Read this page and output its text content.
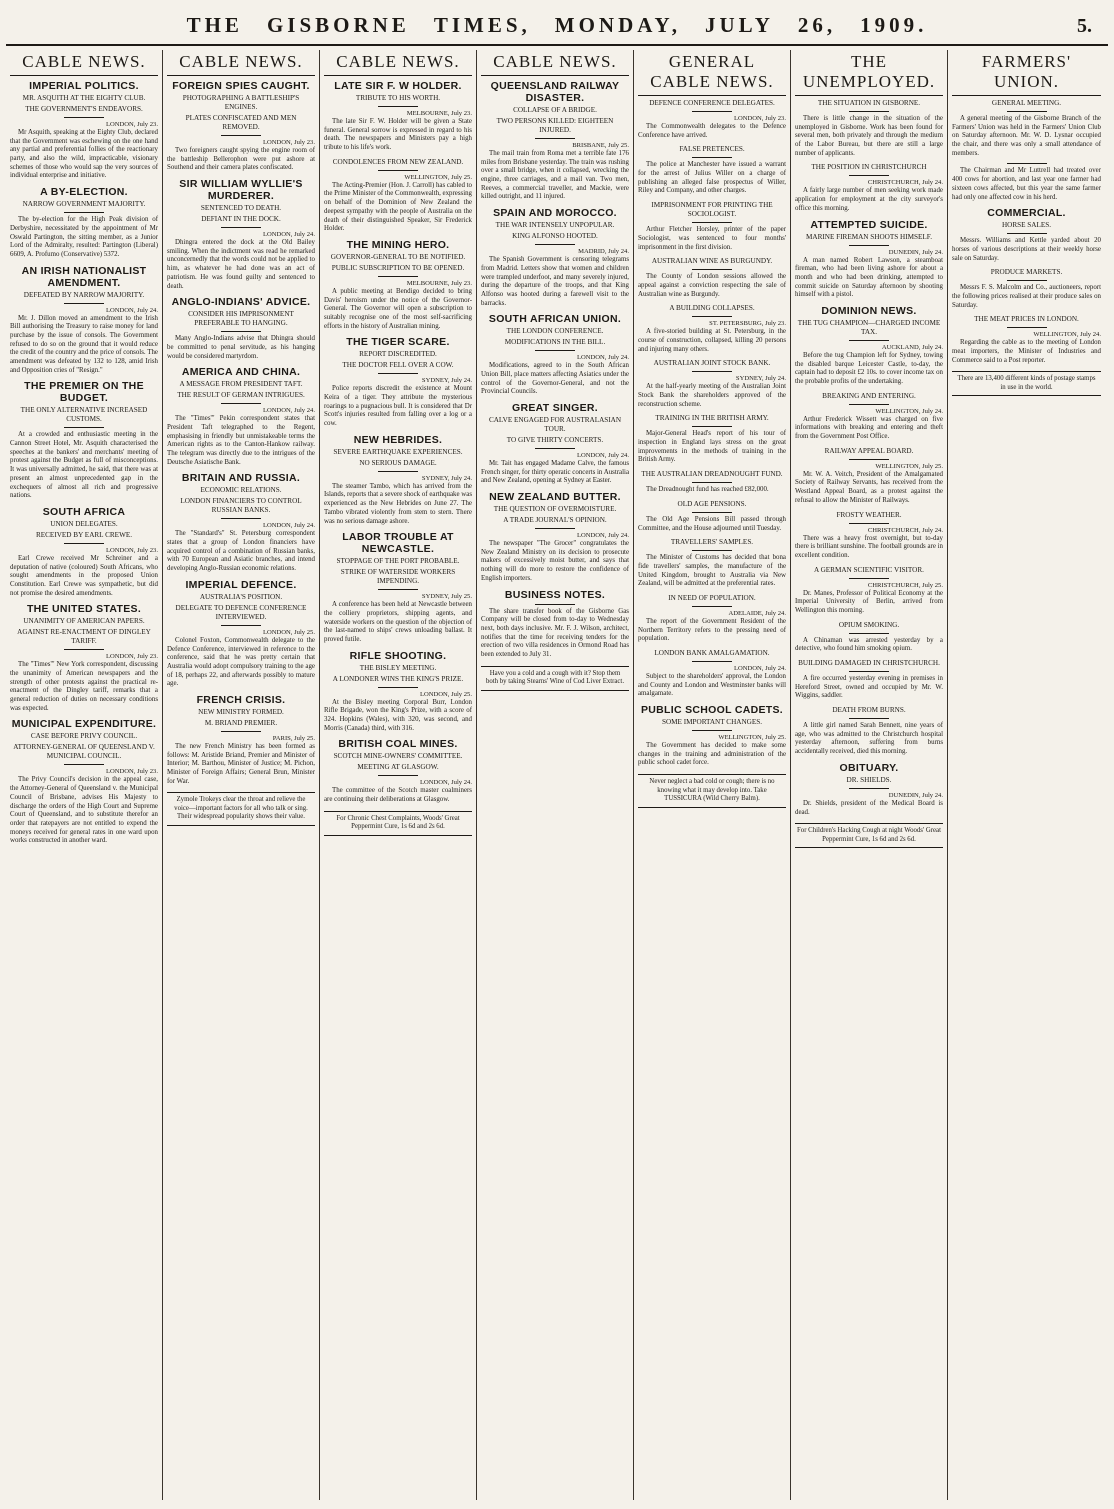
THE GISBORNE TIMES, MONDAY, JULY 26, 1909.	5.
CABLE NEWS.
IMPERIAL POLITICS.
MR. ASQUITH AT THE EIGHTY CLUB.
THE GOVERNMENT'S ENDEAVORS.
LONDON, July 23.

Mr Asquith, speaking at the Eighty Club, declared that the Government was eschewing on the one hand any partial and preferential follies of the reactionary party, and also the wild, impracticable, visionary schemes of those who would sap the very sources of individual enterprise and initiative.

A BY-ELECTION.
NARROW GOVERNMENT MAJORITY.

The by-election for the High Peak division of Derbyshire, necessitated by the appointment of Mr Oswald Partington, the sitting member, as a Junior Lord of the Admiralty, resulted: Partington (Liberal) 6609, A. Profumo (Conservative) 5372.

AN IRISH NATIONALIST AMENDMENT.
DEFEATED BY NARROW MAJORITY.
LONDON, July 24.

Mr. J. Dillon moved an amendment to the Irish Bill authorising the Treasury to raise money for land purchase by the issue of consols. The Government refused to do so on the ground that it would reduce the credit of the country and the price of consols. The amendment was defeated by 132 to 128, amid Irish and Opposition cries of "Resign."

THE PREMIER ON THE BUDGET.
THE ONLY ALTERNATIVE INCREASED CUSTOMS.

At a crowded and enthusiastic meeting in the Cannon Street Hotel, Mr. Asquith characterised the speeches at the bankers' and merchants' meeting of protest against the Budget as full of misconceptions. It was universally admitted, he said, that there was at present an almost unprecedented gap in the exchequers of almost all rich and progressive nations.

SOUTH AFRICA
UNION DELEGATES.
RECEIVED BY EARL CREWE.
LONDON, July 23.

Earl Crewe received Mr Schreiner and a deputation of native (coloured) South Africans, who sought amendments in the proposed Union Constitution. Earl Crewe was sympathetic, but did not promise the desired amendments.

THE UNITED STATES.
UNANIMITY OF AMERICAN PAPERS.
AGAINST RE-ENACTMENT OF DINGLEY TARIFF.
LONDON, July 23.

The "Times'" New York correspondent, discussing the unanimity of American newspapers and the strength of other protests against the practical re-enactment of the Dingley tariff, remarks that a general reduction of duties on necessary conditions was expected.

MUNICIPAL EXPENDITURE.
CASE BEFORE PRIVY COUNCIL.
ATTORNEY-GENERAL OF QUEENSLAND V. MUNICIPAL COUNCIL.
LONDON, July 23.

The Privy Council's decision in the appeal case, the Attorney-General of Queensland v. the Municipal Council of Brisbane, advises His Majesty to discharge the orders of the High Court and Supreme Court of Queensland, and to substitute therefor an order that ratepayers are not entitled to expend the moneys received for general rates in one ward upon works constructed in another ward.

CABLE NEWS.
FOREIGN SPIES CAUGHT.
PHOTOGRAPHING A BATTLESHIP'S ENGINES.
PLATES CONFISCATED AND MEN REMOVED.
LONDON, July 23.

Two foreigners caught spying the engine room of the battleship Bellerophon were put ashore at Southend and their camera plates confiscated.

SIR WILLIAM WYLLIE'S MURDERER.
SENTENCED TO DEATH.
DEFIANT IN THE DOCK.
LONDON, July 24.

Dhingra entered the dock at the Old Bailey smiling. When the indictment was read he remarked unconcernedly that the words could not be applied to him, as whatever he had done was an act of patriotism. He was found guilty and sentenced to death.

ANGLO-INDIANS' ADVICE.
CONSIDER HIS IMPRISONMENT PREFERABLE TO HANGING.

Many Anglo-Indians advise that Dhingra should be committed to penal servitude, as his hanging would be considered martyrdom.

AMERICA AND CHINA.
A MESSAGE FROM PRESIDENT TAFT.
THE RESULT OF GERMAN INTRIGUES.
LONDON, July 24.

The "Times'" Pekin correspondent states that President Taft telegraphed to the Regent, emphasising in friendly but unmistakeable terms the American rights as to the Canton-Hankow railway. The telegram was directly due to the intrigues of the Deutsche Asiatische Bank.

BRITAIN AND RUSSIA.
ECONOMIC RELATIONS.
LONDON FINANCIERS TO CONTROL RUSSIAN BANKS.
LONDON, July 24.

The "Standard's" St. Petersburg correspondent states that a group of London financiers have acquired control of a combination of Russian banks, with 70 European and Asiatic branches, and intend developing Anglo-Russian economic relations.

IMPERIAL DEFENCE.
AUSTRALIA'S POSITION.
DELEGATE TO DEFENCE CONFERENCE INTERVIEWED.
LONDON, July 25.

Colonel Foxton, Commonwealth delegate to the Defence Conference, interviewed in reference to the conference, said that he was pretty certain that Australia would adopt compulsory training to the age of 18, perhaps 22, and afterwards possibly to mature age.

FRENCH CRISIS.
NEW MINISTRY FORMED.
M. BRIAND PREMIER.
PARIS, July 25.

The new French Ministry has been formed as follows: M. Aristide Briand, Premier and Minister of Interior; M. Barthou, Minister of Justice; M. Pichon, Minister of Foreign Affairs; General Brun, Minister for War.

Zymole Trokeys clear the throat and relieve the voice—important factors for all who talk or sing. Their widespread popularity shows their value.
CABLE NEWS.
LATE SIR F. W HOLDER.
TRIBUTE TO HIS WORTH.
MELBOURNE, July 23.

The late Sir F. W. Holder will be given a State funeral. General sorrow is expressed in regard to his death. The newspapers and Ministers pay a high tribute to his life's work.

CONDOLENCES FROM NEW ZEALAND.
WELLINGTON, July 25.

The Acting-Premier (Hon. J. Carroll) has cabled to the Prime Minister of the Commonwealth, expressing on behalf of the Dominion of New Zealand the deepest sympathy with the people of Australia on the death of their distinguished Speaker, Sir Frederick Holder.

THE MINING HERO.
GOVERNOR-GENERAL TO BE NOTIFIED.
PUBLIC SUBSCRIPTION TO BE OPENED.
MELBOURNE, July 23.

A public meeting at Bendigo decided to bring Davis' heroism under the notice of the Governor-General. The Governor will open a subscription to suitably recognise one of the most self-sacrificing efforts in the history of Australian mining.

THE TIGER SCARE.
REPORT DISCREDITED.
THE DOCTOR FELL OVER A COW.
SYDNEY, July 24.

Police reports discredit the existence at Mount Keira of a tiger. They attribute the mysterious roarings to a pugnacious bull. It is considered that Dr Scott's injuries resulted from falling over a log or a cow.

NEW HEBRIDES.
SEVERE EARTHQUAKE EXPERIENCES.
NO SERIOUS DAMAGE.
SYDNEY, July 24.

The steamer Tambo, which has arrived from the Islands, reports that a severe shock of earthquake was experienced as the New Hebrides on June 27. The Tambo vibrated violently from stem to stern. There was no serious damage ashore.

LABOR TROUBLE AT NEWCASTLE.
STOPPAGE OF THE PORT PROBABLE.
STRIKE OF WATERSIDE WORKERS IMPENDING.
SYDNEY, July 25.

A conference has been held at Newcastle between the colliery proprietors, shipping agents, and waterside workers on the question of the objection of the last-named to ships' crews unloading ballast. It proved futile.

RIFLE SHOOTING.
THE BISLEY MEETING.
A LONDONER WINS THE KING'S PRIZE.
LONDON, July 25.

At the Bisley meeting Corporal Burr, London Rifle Brigade, won the King's Prize, with a score of 324. Hopkins (Wales), with 320, was second, and Morris (Canada) third, with 316.

BRITISH COAL MINES.
SCOTCH MINE-OWNERS' COMMITTEE.
MEETING AT GLASGOW.
LONDON, July 24.

The committee of the Scotch master coalminers are continuing their deliberations at Glasgow.

For Chronic Chest Complaints, Woods' Great Peppermint Cure, 1s 6d and 2s 6d.
CABLE NEWS.
QUEENSLAND RAILWAY DISASTER.
COLLAPSE OF A BRIDGE.
TWO PERSONS KILLED: EIGHTEEN INJURED.
BRISBANE, July 25.

The mail train from Roma met a terrible fate 176 miles from Brisbane yesterday. The train was rushing over a small bridge, when it collapsed, wrecking the engine, three carriages, and a mail van. Two men, Reeves, a commercial traveller, and Mackie, were killed outright, and 11 injured.

SPAIN AND MOROCCO.
THE WAR INTENSELY UNPOPULAR.
KING ALFONSO HOOTED.
MADRID, July 24.

The Spanish Government is censoring telegrams from Madrid. Letters show that women and children were trampled underfoot, and many severely injured, during the departure of the troops, and that King Alfonso was hooted during a farewell visit to the barracks.

SOUTH AFRICAN UNION.
THE LONDON CONFERENCE.
MODIFICATIONS IN THE BILL.
LONDON, July 24.

Modifications, agreed to in the South African Union Bill, place matters affecting Asiatics under the control of the Governor-General, and not the Provincial Councils.

GREAT SINGER.
CALVE ENGAGED FOR AUSTRALASIAN TOUR.
TO GIVE THIRTY CONCERTS.
LONDON, July 24.

Mr. Tait has engaged Madame Calve, the famous French singer, for thirty operatic concerts in Australia and New Zealand, opening at Sydney at Easter.

NEW ZEALAND BUTTER.
THE QUESTION OF OVERMOISTURE.
A TRADE JOURNAL'S OPINION.
LONDON, July 24.

The newspaper "The Grocer" congratulates the New Zealand Ministry on its decision to prosecute makers of excessively moist butter, and says that nothing will do more to restore the confidence of English importers.

BUSINESS NOTES.

The share transfer book of the Gisborne Gas Company will be closed from to-day to Wednesday next, both days inclusive. Mr. F. J. Wilson, architect, notifies that the time for receiving tenders for the erection of two villa residences in Ormond Road has been extended to July 31.

Have you a cold and a cough with it? Stop them both by taking Stearns' Wine of Cod Liver Extract.
GENERAL CABLE NEWS.
DEFENCE CONFERENCE DELEGATES.
LONDON, July 23.

The Commonwealth delegates to the Defence Conference have arrived.

FALSE PRETENCES.

The police at Manchester have issued a warrant for the arrest of Julius Willer on a charge of publishing an alleged false prospectus of Willer, Riley and Company, and other charges.

IMPRISONMENT FOR PRINTING THE SOCIOLOGIST.

Arthur Fletcher Horsley, printer of the paper Sociologist, was sentenced to four months' imprisonment in the first division.

AUSTRALIAN WINE AS BURGUNDY.

The County of London sessions allowed the appeal against a conviction respecting the sale of Australian wine as Burgundy.

A BUILDING COLLAPSES.
ST. PETERSBURG, July 23.

A five-storied building at St. Petersburg, in the course of construction, collapsed, killing 20 persons and injuring many others.

AUSTRALIAN JOINT STOCK BANK.
SYDNEY, July 24.

At the half-yearly meeting of the Australian Joint Stock Bank the shareholders approved of the reconstruction scheme.

TRAINING IN THE BRITISH ARMY.

Major-General Head's report of his tour of inspection in England lays stress on the great improvements in the methods of training in the British Army.

THE AUSTRALIAN DREADNOUGHT FUND.

The Dreadnought fund has reached £82,000.

OLD AGE PENSIONS.

The Old Age Pensions Bill passed through Committee, and the House adjourned until Tuesday.

TRAVELLERS' SAMPLES.

The Minister of Customs has decided that bona fide travellers' samples, the manufacture of the United Kingdom, brought to Australia via New Zealand, will be admitted at the preferential rates.

IN NEED OF POPULATION.
ADELAIDE, July 24.

The report of the Government Resident of the Northern Territory refers to the pressing need of population.

LONDON BANK AMALGAMATION.
LONDON, July 24.

Subject to the shareholders' approval, the London and County and London and Westminster banks will amalgamate.

PUBLIC SCHOOL CADETS.
SOME IMPORTANT CHANGES.
WELLINGTON, July 25.

The Government has decided to make some changes in the training and administration of the public school cadet force.

Never neglect a bad cold or cough; there is no knowing what it may develop into. Take TUSSICURA (Wild Cherry Balm).
THE UNEMPLOYED.
THE SITUATION IN GISBORNE.

There is little change in the situation of the unemployed in Gisborne. Work has been found for several men, both privately and through the medium of the Labor Bureau, but there are still a large number of applicants.

THE POSITION IN CHRISTCHURCH
CHRISTCHURCH, July 24.

A fairly large number of men seeking work made application for employment at the city surveyor's office this morning.

ATTEMPTED SUICIDE.
MARINE FIREMAN SHOOTS HIMSELF.
DUNEDIN, July 24.

A man named Robert Lawson, a steamboat fireman, who had been living ashore for about a month and who had been drinking, attempted to commit suicide on Saturday afternoon by shooting himself with a pistol.

DOMINION NEWS.
THE TUG CHAMPION—CHARGED INCOME TAX.
AUCKLAND, July 24.

Before the tug Champion left for Sydney, towing the disabled barque Leicester Castle, to-day, the captain had to deposit £2 10s. to cover income tax on the probable profits of the undertaking.

BREAKING AND ENTERING.
WELLINGTON, July 24.

Arthur Frederick Wissett was charged on five informations with breaking and entering and theft from the Government Post Office.

RAILWAY APPEAL BOARD.
WELLINGTON, July 25.

Mr. W. A. Veitch, President of the Amalgamated Society of Railway Servants, has received from the Westland Appeal Board, as a protest against the refusal to allow the Minister of Railways.

FROSTY WEATHER.
CHRISTCHURCH, July 24.

There was a heavy frost overnight, but to-day there is brilliant sunshine. The football grounds are in excellent condition.

A GERMAN SCIENTIFIC VISITOR.
CHRISTCHURCH, July 25.

Dr. Manes, Professor of Political Economy at the Imperial University of Berlin, arrived from Wellington this morning.

OPIUM SMOKING.

A Chinaman was arrested yesterday by a detective, who found him smoking opium.

BUILDING DAMAGED IN CHRISTCHURCH.

A fire occurred yesterday evening in premises in Hereford Street, owned and occupied by Mr. W. Wiggins, saddler.

DEATH FROM BURNS.

A little girl named Sarah Bennett, nine years of age, who was admitted to the Christchurch hospital yesterday afternoon, suffering from burns accidentally received, died this morning.

OBITUARY.
DR. SHIELDS.
DUNEDIN, July 24.

Dr. Shields, president of the Medical Board is dead.

For Children's Hacking Cough at night Woods' Great Peppermint Cure, 1s 6d and 2s 6d.
FARMERS' UNION.
GENERAL MEETING.

A general meeting of the Gisborne Branch of the Farmers' Union was held in the Farmers' Union Club on Saturday afternoon. Mr. W. D. Lysnar occupied the chair, and there was only a small attendance of members.

The Chairman and Mr Luttrell had treated over 400 cows for abortion, and last year one farmer had sixteen cows affected, but this year the same farmer had only one affected cow in his herd.

COMMERCIAL.
HORSE SALES.

Messrs. Williams and Kettle yarded about 20 horses of various descriptions at their weekly horse sale on Saturday.

PRODUCE MARKETS.

Messrs F. S. Malcolm and Co., auctioneers, report the following prices realised at their produce sales on Saturday.

THE MEAT PRICES IN LONDON.
WELLINGTON, July 24.

Regarding the cable as to the meeting of London meat importers, the Minister of Industries and Commerce said to a Post reporter.

There are 13,400 different kinds of postage stamps in use in the world.
